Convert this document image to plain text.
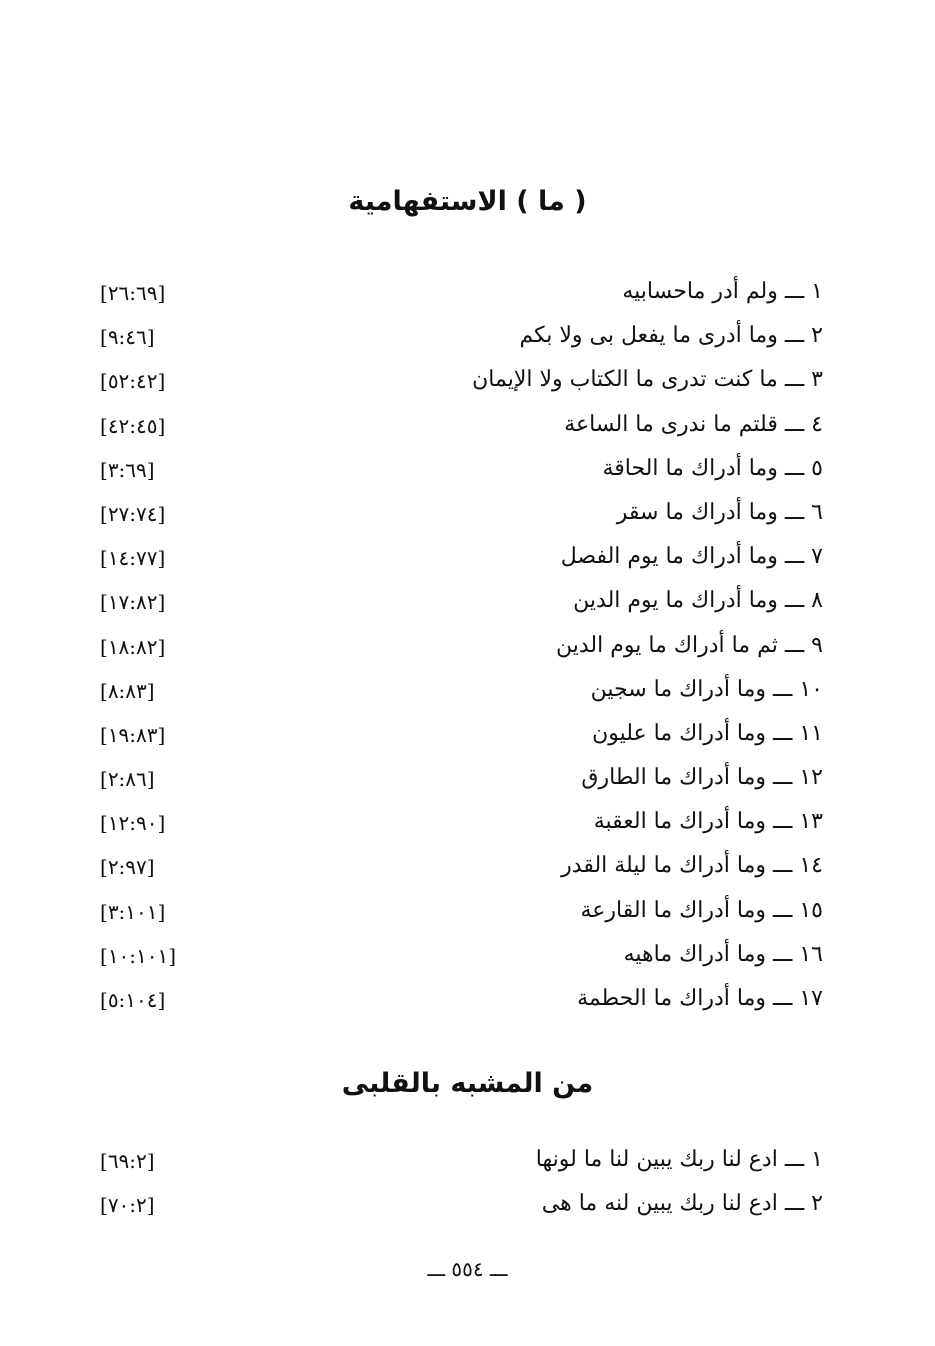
( ما ) الاستفهامية
١ ـــ ولم أدر ماحسابيه
[٢٦:٦٩]
٢ ـــ وما أدرى ما يفعل بى ولا بكم
[٩:٤٦]
٣ ـــ ما كنت تدرى ما الكتاب ولا الإيمان
[٥٢:٤٢]
٤ ـــ قلتم ما ندرى ما الساعة
[٤٢:٤٥]
٥ ـــ وما أدراك ما الحاقة
[٣:٦٩]
٦ ـــ وما أدراك ما سقر
[٢٧:٧٤]
٧ ـــ وما أدراك ما يوم الفصل
[١٤:٧٧]
٨ ـــ وما أدراك ما يوم الدين
[١٧:٨٢]
٩ ـــ ثم ما أدراك ما يوم الدين
[١٨:٨٢]
١٠ ـــ وما أدراك ما سجين
[٨:٨٣]
١١ ـــ وما أدراك ما عليون
[١٩:٨٣]
١٢ ـــ وما أدراك ما الطارق
[٢:٨٦]
١٣ ـــ وما أدراك ما العقبة
[١٢:٩٠]
١٤ ـــ وما أدراك ما ليلة القدر
[٢:٩٧]
١٥ ـــ وما أدراك ما القارعة
[٣:١٠١]
١٦ ـــ وما أدراك ماهيه
[١٠:١٠١]
١٧ ـــ وما أدراك ما الحطمة
[٥:١٠٤]
من المشبه بالقلبى
١ ـــ ادع لنا ربك يبين لنا ما لونها
[٦٩:٢]
٢ ـــ ادع لنا ربك يبين لنه ما هى
[٧٠:٢]
ـــ ٥٥٤ ـــ
